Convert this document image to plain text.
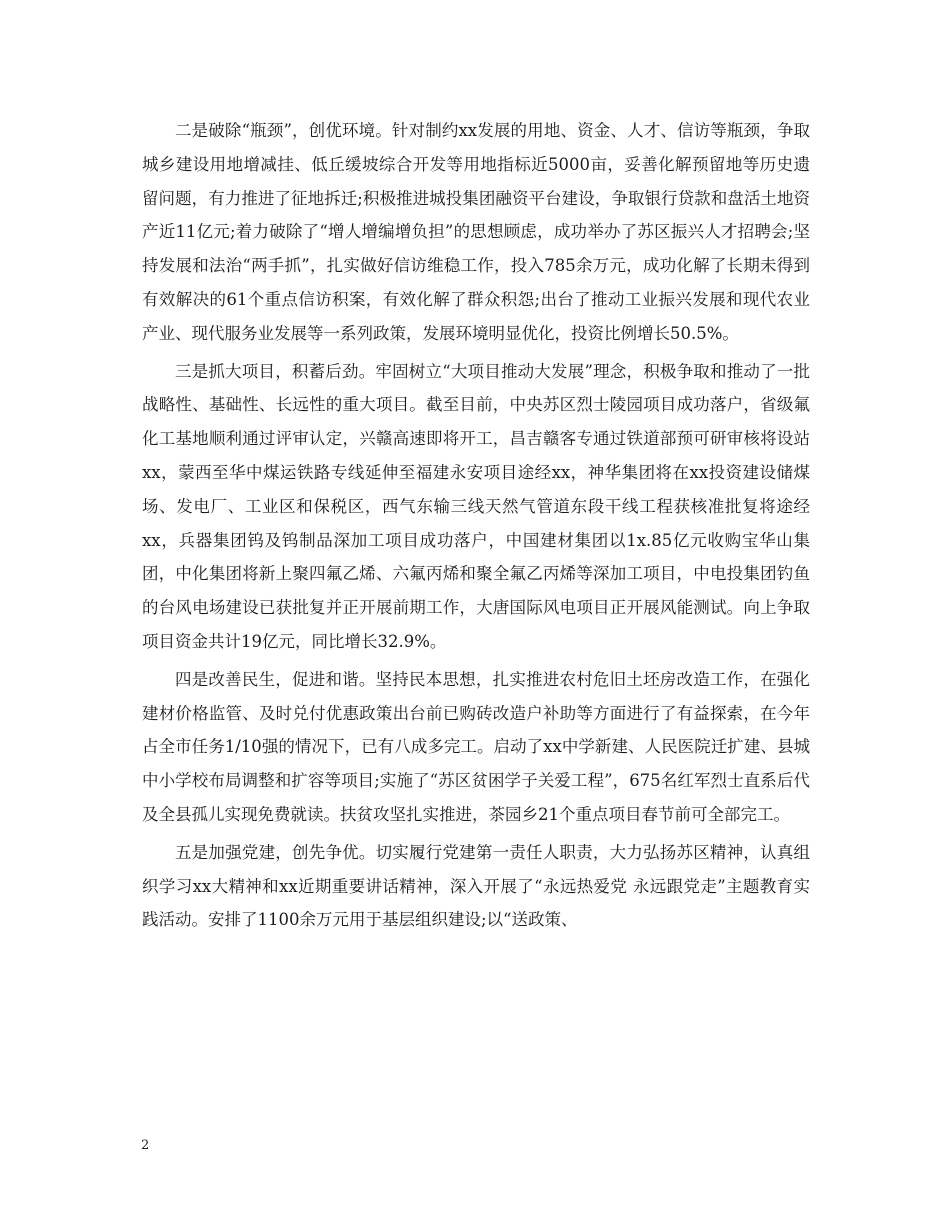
二是破除“瓶颈”，创优环境。针对制约xx发展的用地、资金、人才、信访等瓶颈，争取城乡建设用地增减挂、低丘缓坡综合开发等用地指标近5000亩，妥善化解预留地等历史遗留问题，有力推进了征地拆迁;积极推进城投集团融资平台建设，争取银行贷款和盘活土地资产近11亿元;着力破除了“增人增编增负担”的思想顾虑，成功举办了苏区振兴人才招聘会;坚持发展和法治“两手抓”，扎实做好信访维稳工作，投入785余万元，成功化解了长期未得到有效解决的61个重点信访积案，有效化解了群众积怨;出台了推动工业振兴发展和现代农业产业、现代服务业发展等一系列政策，发展环境明显优化，投资比例增长50.5%。

三是抓大项目，积蓄后劲。牢固树立“大项目推动大发展”理念，积极争取和推动了一批战略性、基础性、长远性的重大项目。截至目前，中央苏区烈士陵园项目成功落户，省级氟化工基地顺利通过评审认定，兴赣高速即将开工，昌吉赣客专通过铁道部预可研审核将设站xx，蒙西至华中煤运铁路专线延伸至福建永安项目途经xx，神华集团将在xx投资建设储煤场、发电厂、工业区和保税区，西气东输三线天然气管道东段干线工程获核准批复将途经xx，兵器集团钨及钨制品深加工项目成功落户，中国建材集团以1x.85亿元收购宝华山集团，中化集团将新上聚四氟乙烯、六氟丙烯和聚全氟乙丙烯等深加工项目，中电投集团钓鱼的台风电场建设已获批复并正开展前期工作，大唐国际风电项目正开展风能测试。向上争取项目资金共计19亿元，同比增长32.9%。

四是改善民生，促进和谐。坚持民本思想，扎实推进农村危旧土坯房改造工作，在强化建材价格监管、及时兑付优惠政策出台前已购砖改造户补助等方面进行了有益探索，在今年占全市任务1/10强的情况下，已有八成多完工。启动了xx中学新建、人民医院迁扩建、县城中小学校布局调整和扩容等项目;实施了“苏区贫困学子关爱工程”，675名红军烈士直系后代及全县孤儿实现免费就读。扶贫攻坚扎实推进，茶园乡21个重点项目春节前可全部完工。

五是加强党建，创先争优。切实履行党建第一责任人职责，大力弘扬苏区精神，认真组织学习xx大精神和xx近期重要讲话精神，深入开展了“永远热爱党 永远跟党走”主题教育实践活动。安排了1100余万元用于基层组织建设;以“送政策、

2
